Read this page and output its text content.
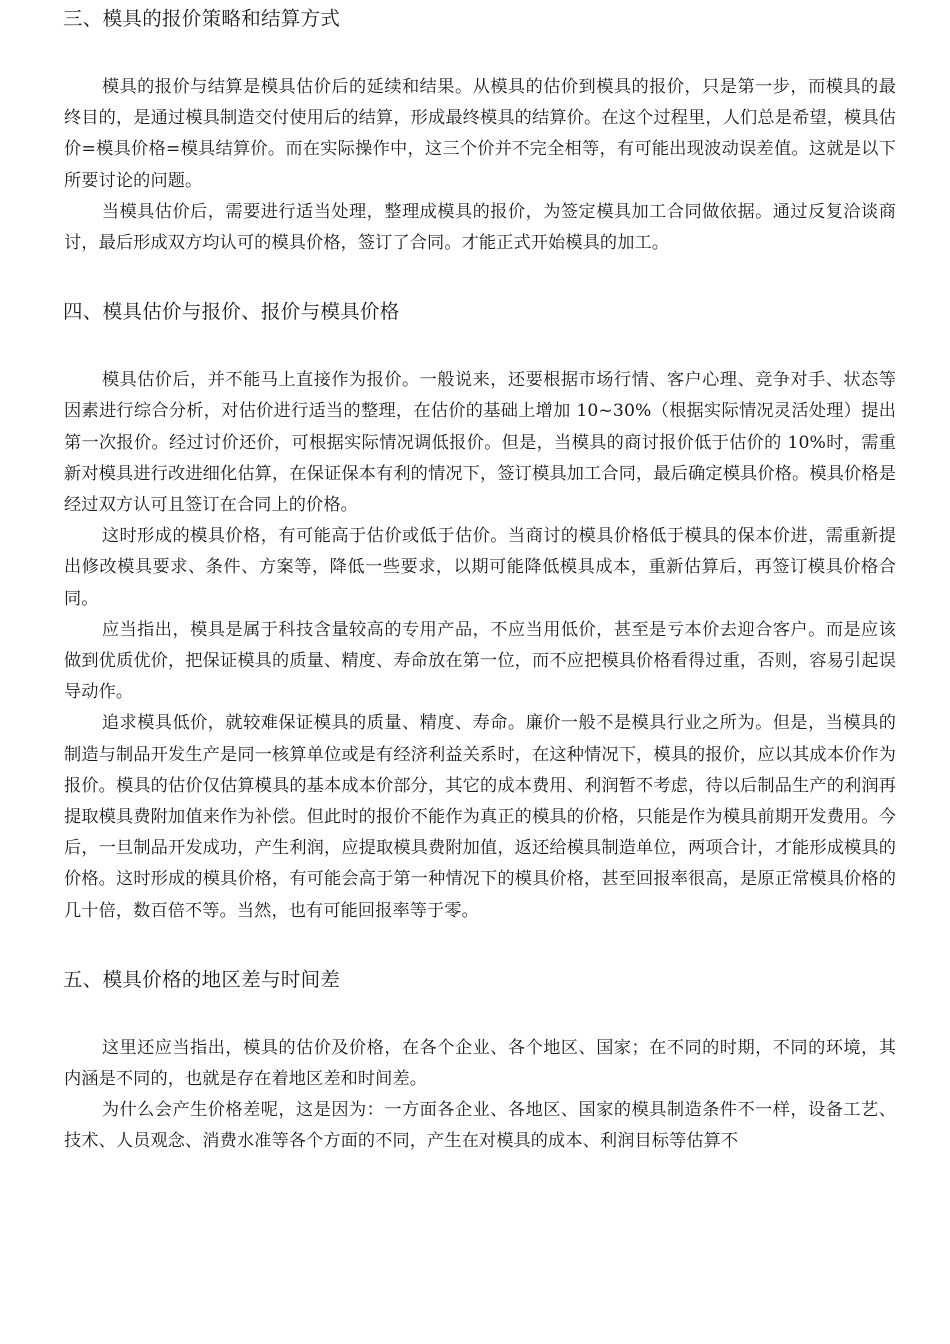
三、模具的报价策略和结算方式

模具的报价与结算是模具估价后的延续和结果。从模具的估价到模具的报价，只是第一步，而模具的最终目的，是通过模具制造交付使用后的结算，形成最终模具的结算价。在这个过程里，人们总是希望，模具估价=模具价格=模具结算价。而在实际操作中，这三个价并不完全相等，有可能出现波动误差值。这就是以下所要讨论的问题。

当模具估价后，需要进行适当处理，整理成模具的报价，为签定模具加工合同做依据。通过反复洽谈商讨，最后形成双方均认可的模具价格，签订了合同。才能正式开始模具的加工。

四、模具估价与报价、报价与模具价格

模具估价后，并不能马上直接作为报价。一般说来，还要根据市场行情、客户心理、竞争对手、状态等因素进行综合分析，对估价进行适当的整理，在估价的基础上增加 10~30%（根据实际情况灵活处理）提出第一次报价。经过讨价还价，可根据实际情况调低报价。但是，当模具的商讨报价低于估价的 10%时，需重新对模具进行改进细化估算，在保证保本有利的情况下，签订模具加工合同，最后确定模具价格。模具价格是经过双方认可且签订在合同上的价格。

这时形成的模具价格，有可能高于估价或低于估价。当商讨的模具价格低于模具的保本价进，需重新提出修改模具要求、条件、方案等，降低一些要求，以期可能降低模具成本，重新估算后，再签订模具价格合同。

应当指出，模具是属于科技含量较高的专用产品，不应当用低价，甚至是亏本价去迎合客户。而是应该做到优质优价，把保证模具的质量、精度、寿命放在第一位，而不应把模具价格看得过重，否则，容易引起误导动作。

追求模具低价，就较难保证模具的质量、精度、寿命。廉价一般不是模具行业之所为。但是，当模具的制造与制品开发生产是同一核算单位或是有经济利益关系时，在这种情况下，模具的报价，应以其成本价作为报价。模具的估价仅估算模具的基本成本价部分，其它的成本费用、利润暂不考虑，待以后制品生产的利润再提取模具费附加值来作为补偿。但此时的报价不能作为真正的模具的价格，只能是作为模具前期开发费用。今后，一旦制品开发成功，产生利润，应提取模具费附加值，返还给模具制造单位，两项合计，才能形成模具的价格。这时形成的模具价格，有可能会高于第一种情况下的模具价格，甚至回报率很高，是原正常模具价格的几十倍，数百倍不等。当然，也有可能回报率等于零。

五、模具价格的地区差与时间差

这里还应当指出，模具的估价及价格，在各个企业、各个地区、国家；在不同的时期，不同的环境，其内涵是不同的，也就是存在着地区差和时间差。

为什么会产生价格差呢，这是因为：一方面各企业、各地区、国家的模具制造条件不一样，设备工艺、技术、人员观念、消费水准等各个方面的不同，产生在对模具的成本、利润目标等估算不
